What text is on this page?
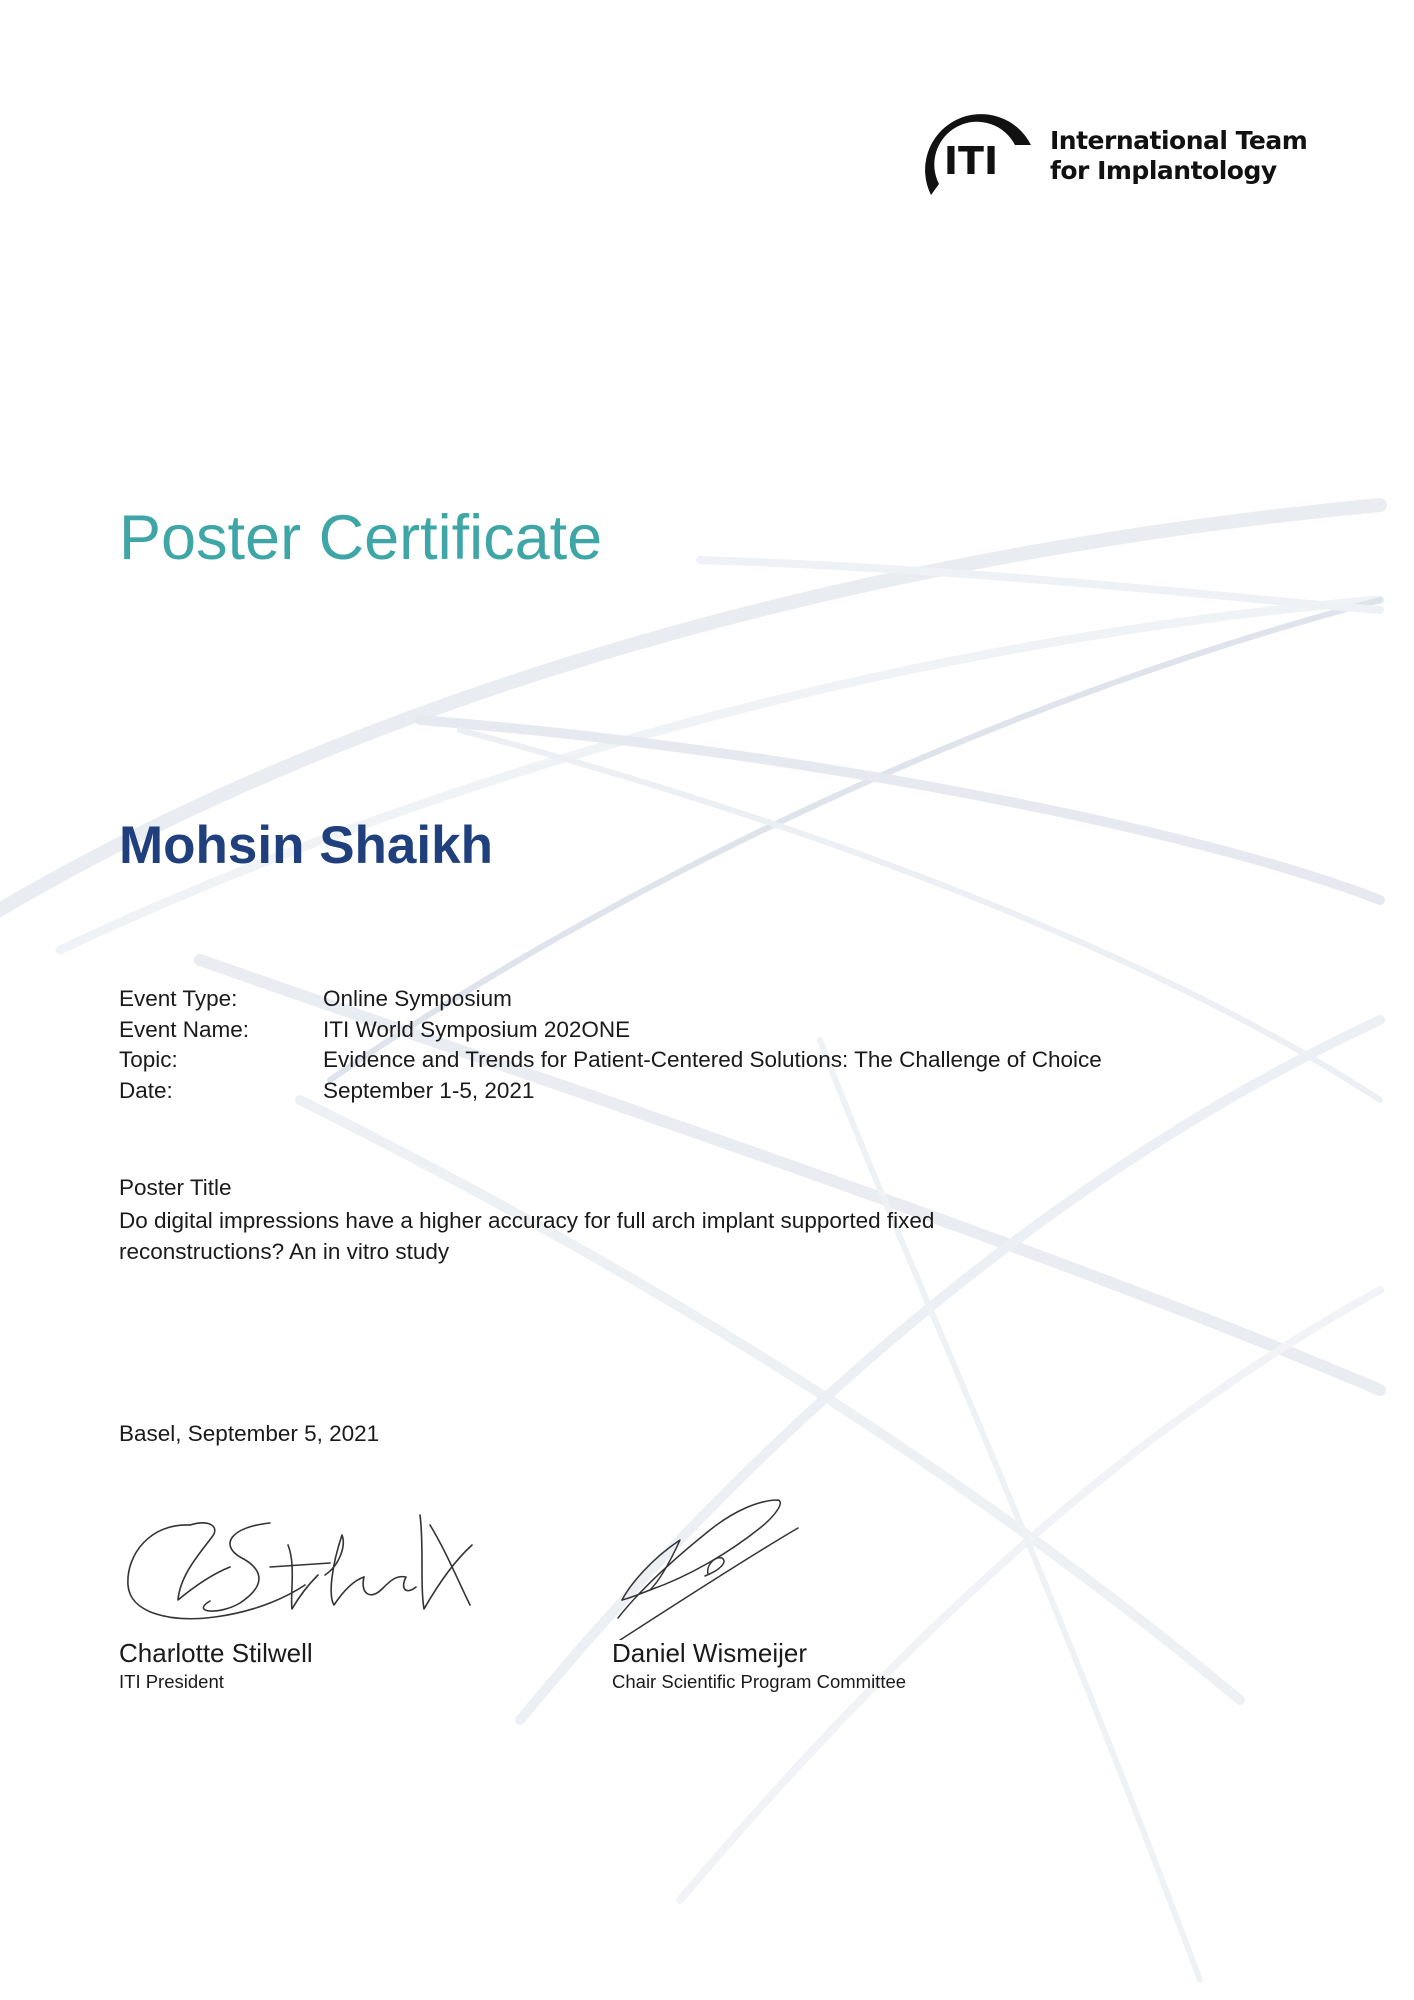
ITI International Team
for Implantology
Poster Certificate
Mohsin Shaikh
Event Type:	Online Symposium
Event Name:	ITI World Symposium 202ONE
Topic:	Evidence and Trends for Patient-Centered Solutions: The Challenge of Choice
Date:	September 1-5, 2021
Poster Title
Do digital impressions have a higher accuracy for full arch implant supported fixed reconstructions? An in vitro study
Basel, September 5, 2021
Charlotte Stilwell
ITI President
Daniel Wismeijer
Chair Scientific Program Committee
